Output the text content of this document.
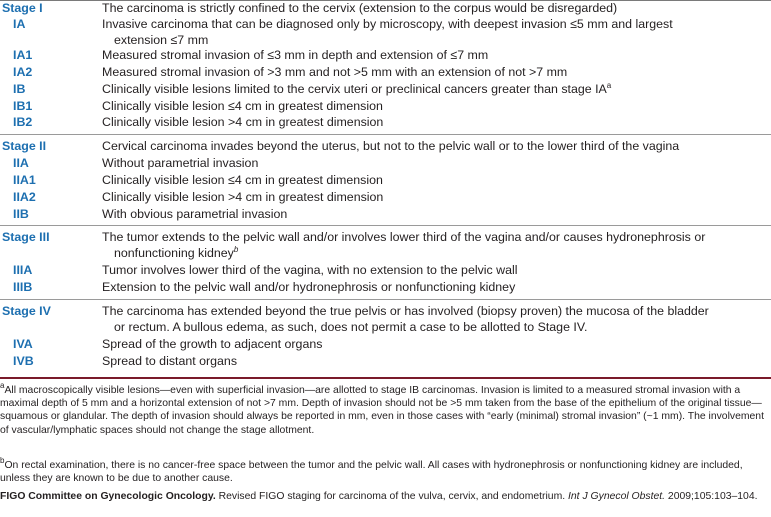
Stage I	The carcinoma is strictly confined to the cervix (extension to the corpus would be disregarded)
IA	Invasive carcinoma that can be diagnosed only by microscopy, with deepest invasion ≤5 mm and largest
extension ≤7 mm
IA1	Measured stromal invasion of ≤3 mm in depth and extension of ≤7 mm
IA2	Measured stromal invasion of >3 mm and not >5 mm with an extension of not >7 mm
IB	Clinically visible lesions limited to the cervix uteri or preclinical cancers greater than stage $IA^a$
IB1	Clinically visible lesion ≤4 cm in greatest dimension
IB2	Clinically visible lesion >4 cm in greatest dimension
Stage II	Cervical carcinoma invades beyond the uterus, but not to the pelvic wall or to the lower third of the vagina
IIA	Without parametrial invasion
IIA1	Clinically visible lesion ≤4 cm in greatest dimension
IIA2	Clinically visible lesion >4 cm in greatest dimension
IIB	With obvious parametrial invasion
Stage III	The tumor extends to the pelvic wall and/or involves lower third of the vagina and/or causes hydronephrosis or
nonfunctioning kidney$^b$
IIIA	Tumor involves lower third of the vagina, with no extension to the pelvic wall
IIIB	Extension to the pelvic wall and/or hydronephrosis or nonfunctioning kidney
Stage IV	The carcinoma has extended beyond the true pelvis or has involved (biopsy proven) the mucosa of the bladder
or rectum. A bullous edema, as such, does not permit a case to be allotted to Stage IV.
IVA	Spread of the growth to adjacent organs
IVB	Spread to distant organs
$^a$All macroscopically visible lesions—even with superficial invasion—are allotted to stage IB carcinomas. Invasion is limited to a measured stromal invasion with a maximal depth of 5 mm and a horizontal extension of not >7 mm. Depth of invasion should not be >5 mm taken from the base of the epithelium of the original tissue—squamous or glandular. The depth of invasion should always be reported in mm, even in those cases with “early (minimal) stromal invasion” (~1 mm). The involvement of vascular/lymphatic spaces should not change the stage allotment.
$^b$On rectal examination, there is no cancer-free space between the tumor and the pelvic wall. All cases with hydronephrosis or nonfunctioning kidney are included, unless they are known to be due to another cause.
FIGO Committee on Gynecologic Oncology. Revised FIGO staging for carcinoma of the vulva, cervix, and endometrium. Int J Gynecol Obstet. 2009;105:103–104.
